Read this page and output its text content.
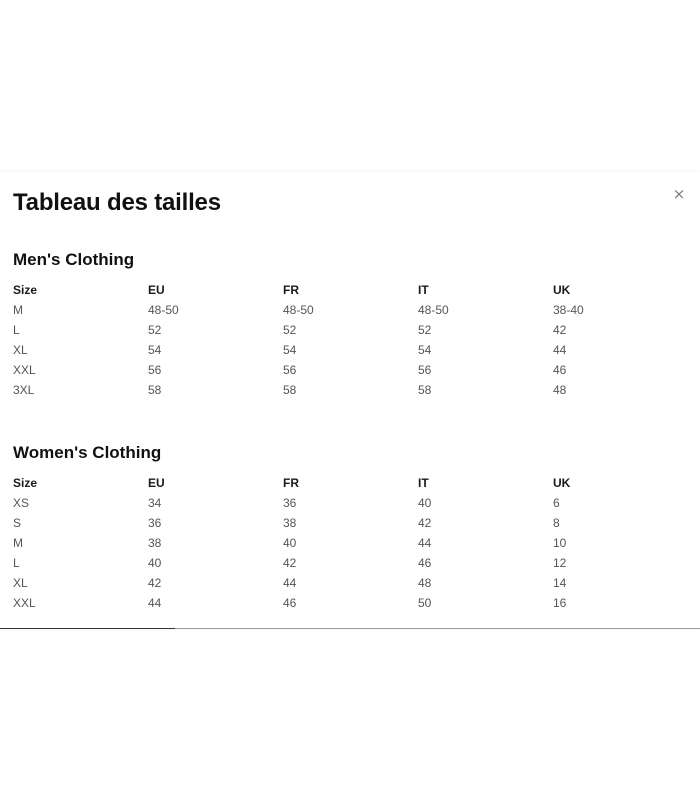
Tableau des tailles	×
Men's Clothing
Size	EU	FR	IT	UK
M	48-50	48-50	48-50	38-40
L	52	52	52	42
XL	54	54	54	44
XXL	56	56	56	46
3XL	58	58	58	48
Women's Clothing
Size	EU	FR	IT	UK
XS	34	36	40	6
S	36	38	42	8
M	38	40	44	10
L	40	42	46	12
XL	42	44	48	14
XXL	44	46	50	16
